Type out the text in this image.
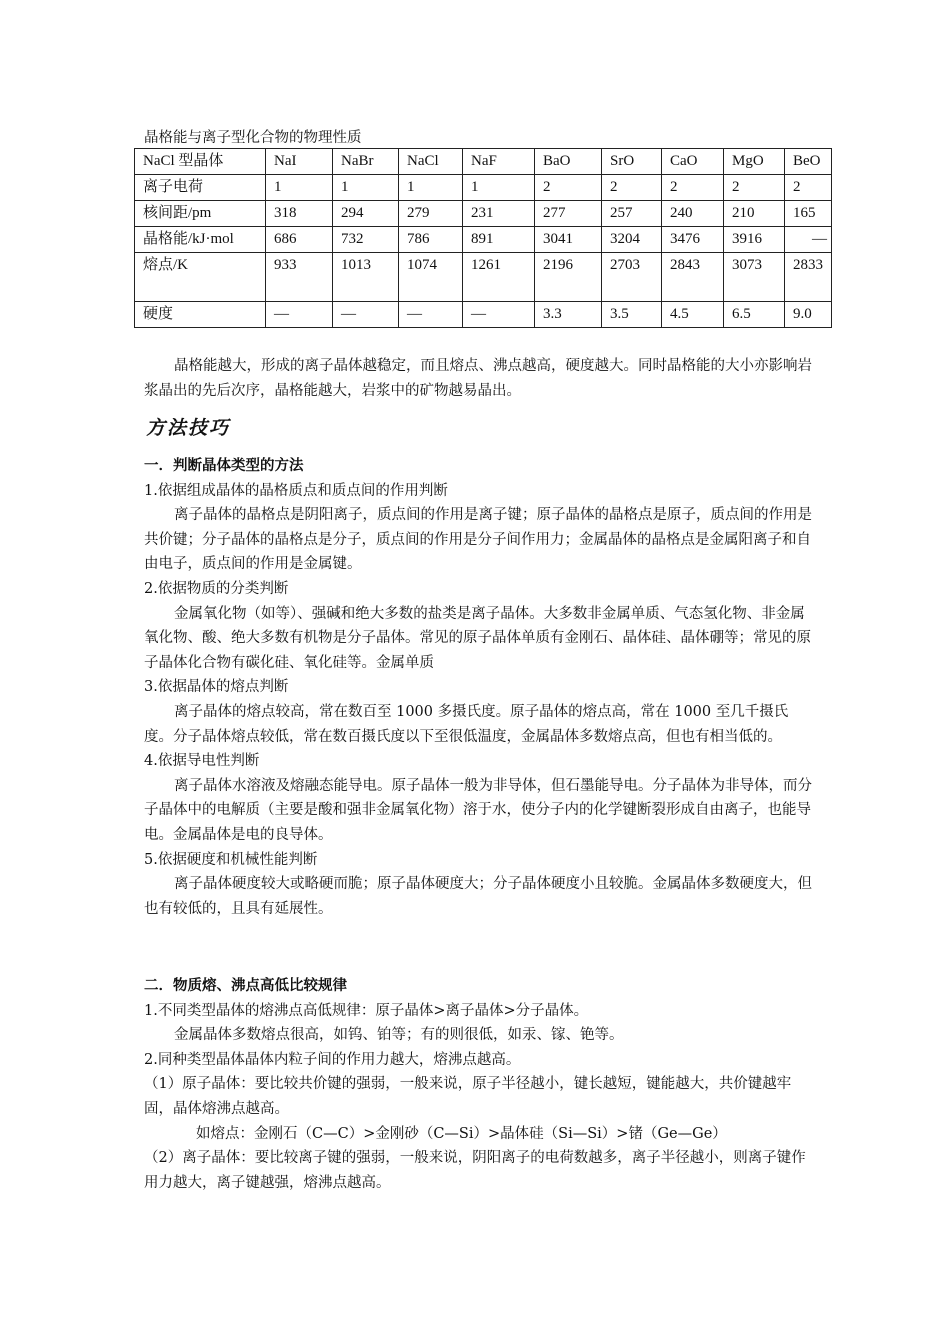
晶格能与离子型化合物的物理性质
NaCl 型晶体	NaI	NaBr	NaCl	NaF	BaO	SrO	CaO	MgO	BeO
离子电荷	1	1	1	1	2	2	2	2	2
核间距/pm	318	294	279	231	277	257	240	210	165
晶格能/kJ·mol	686	732	786	891	3041	3204	3476	3916	—
熔点/K	933	1013	1074	1261	2196	2703	2843	3073	2833
硬度	—	—	—	—	3.3	3.5	4.5	6.5	9.0

晶格能越大，形成的离子晶体越稳定，而且熔点、沸点越高，硬度越大。同时晶格能的大小亦影响岩浆晶出的先后次序，晶格能越大，岩浆中的矿物越易晶出。

方法技巧

一．判断晶体类型的方法

1.依据组成晶体的晶格质点和质点间的作用判断

离子晶体的晶格点是阴阳离子，质点间的作用是离子键；原子晶体的晶格点是原子，质点间的作用是共价键；分子晶体的晶格点是分子，质点间的作用是分子间作用力；金属晶体的晶格点是金属阳离子和自由电子，质点间的作用是金属键。

2.依据物质的分类判断

金属氧化物（如等）、强碱和绝大多数的盐类是离子晶体。大多数非金属单质、气态氢化物、非金属氧化物、酸、绝大多数有机物是分子晶体。常见的原子晶体单质有金刚石、晶体硅、晶体硼等；常见的原子晶体化合物有碳化硅、氧化硅等。金属单质

3.依据晶体的熔点判断

离子晶体的熔点较高，常在数百至 1000 多摄氏度。原子晶体的熔点高，常在 1000 至几千摄氏度。分子晶体熔点较低，常在数百摄氏度以下至很低温度，金属晶体多数熔点高，但也有相当低的。

4.依据导电性判断

离子晶体水溶液及熔融态能导电。原子晶体一般为非导体，但石墨能导电。分子晶体为非导体，而分子晶体中的电解质（主要是酸和强非金属氧化物）溶于水，使分子内的化学键断裂形成自由离子，也能导电。金属晶体是电的良导体。

5.依据硬度和机械性能判断

离子晶体硬度较大或略硬而脆；原子晶体硬度大；分子晶体硬度小且较脆。金属晶体多数硬度大，但也有较低的，且具有延展性。

二．物质熔、沸点高低比较规律

1.不同类型晶体的熔沸点高低规律：原子晶体>离子晶体>分子晶体。

金属晶体多数熔点很高，如钨、铂等；有的则很低，如汞、镓、铯等。

2.同种类型晶体晶体内粒子间的作用力越大，熔沸点越高。

（1）原子晶体：要比较共价键的强弱，一般来说，原子半径越小，键长越短，键能越大，共价键越牢固，晶体熔沸点越高。

如熔点：金刚石（C—C）>金刚砂（C—Si）>晶体硅（Si—Si）>锗（Ge—Ge）

（2）离子晶体：要比较离子键的强弱，一般来说，阴阳离子的电荷数越多，离子半径越小，则离子键作用力越大，离子键越强，熔沸点越高。
